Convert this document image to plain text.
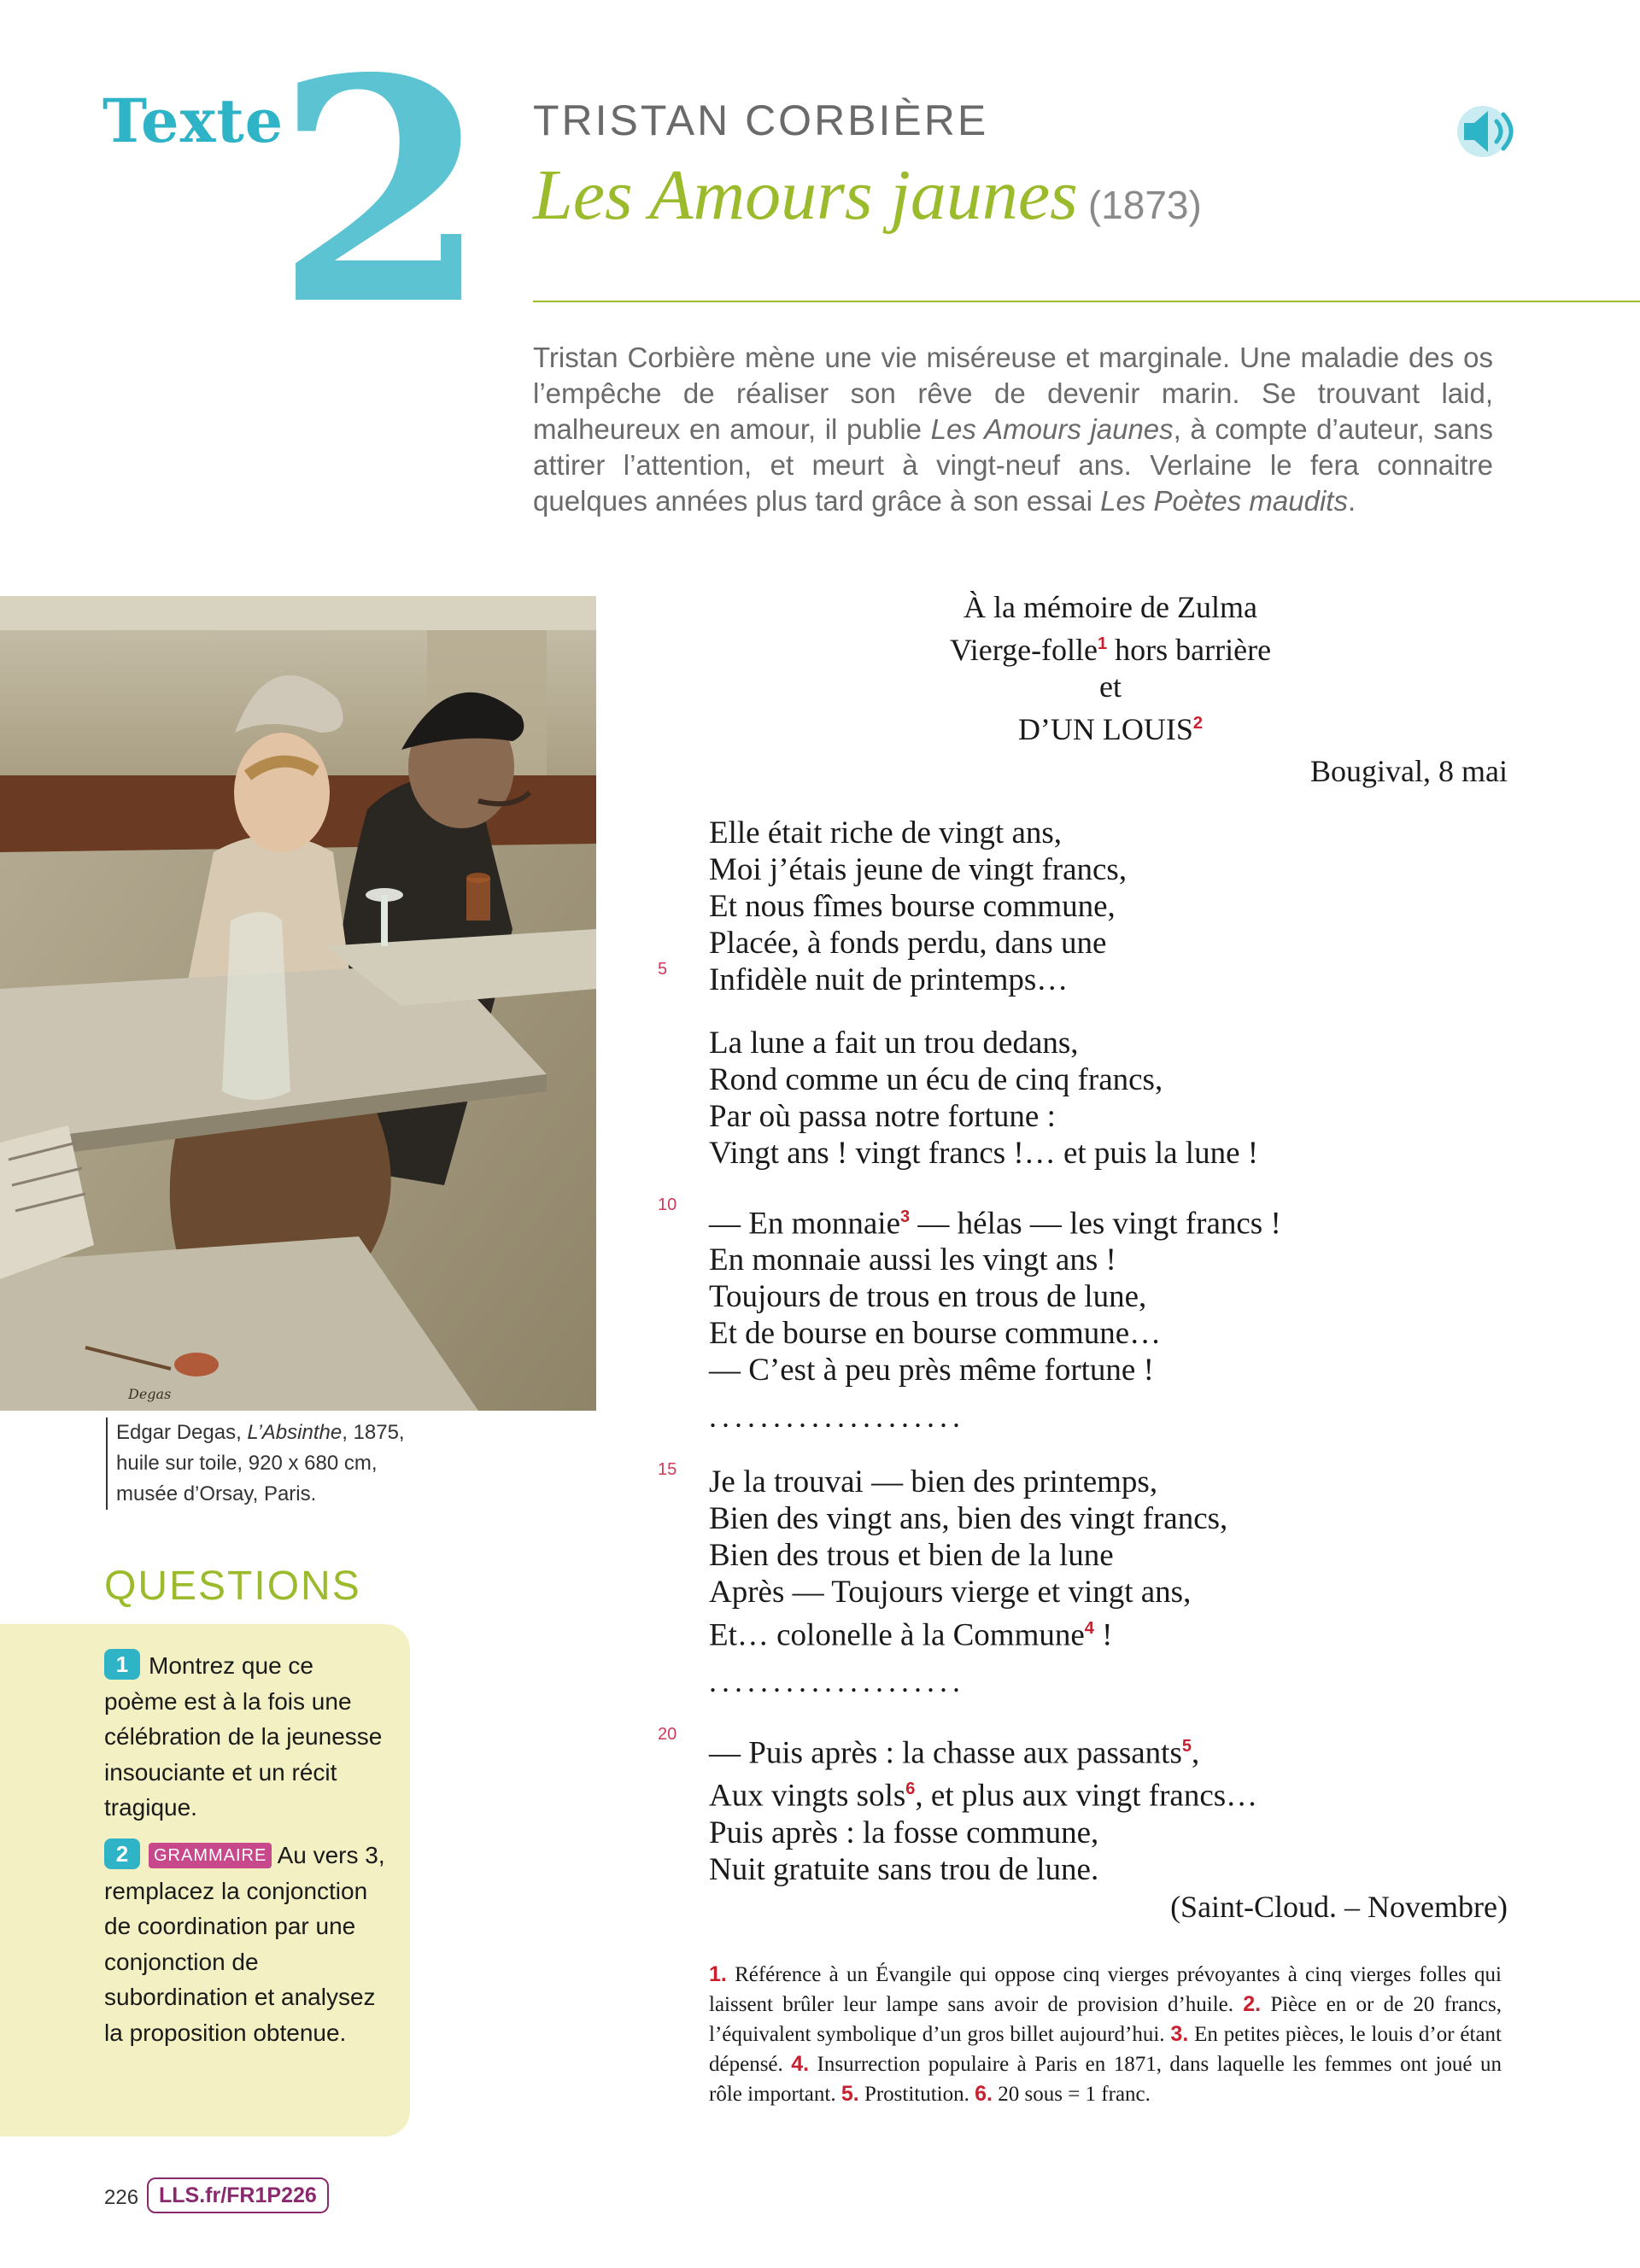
Texte
2 TRISTAN CORBIÈRE
Les Amours jaunes (1873)
Tristan Corbière mène une vie miséreuse et marginale. Une maladie des os l’empêche de réaliser son rêve de devenir marin. Se trouvant laid, malheureux en amour, il publie Les Amours jaunes, à compte d’auteur, sans attirer l’attention, et meurt à vingt-neuf ans. Verlaine le fera connaitre quelques années plus tard grâce à son essai Les Poètes maudits.
Degas
Edgar Degas, L’Absinthe, 1875,
huile sur toile, 920 x 680 cm,
musée d’Orsay, Paris.
QUESTIONS
1 Montrez que ce poème est à la fois une célébration de la jeunesse insouciante et un récit tragique.
2 GRAMMAIRE Au vers 3, remplacez la conjonction de coordination par une conjonction de subordination et analysez la proposition obtenue.
À la mémoire de Zulma
Vierge-folle$^1$ hors barrière
et
D’UN LOUIS$^2$
Bougival, 8 mai
Elle était riche de vingt ans,
Moi j’étais jeune de vingt francs,
Et nous fîmes bourse commune,
Placée, à fonds perdu, dans une
Infidèle nuit de printemps…
5
La lune a fait un trou dedans,
Rond comme un écu de cinq francs,
Par où passa notre fortune :
Vingt ans ! vingt francs !… et puis la lune !
10
— En monnaie$^3$ — hélas — les vingt francs !
En monnaie aussi les vingt ans !
Toujours de trous en trous de lune,
Et de bourse en bourse commune…
— C’est à peu près même fortune !
....................
15	Je la trouvai — bien des printemps,
Bien des vingt ans, bien des vingt francs,
Bien des trous et bien de la lune
Après — Toujours vierge et vingt ans,
Et… colonelle à la Commune$^4$ !
....................
20
— Puis après : la chasse aux passants$^5$,
Aux vingts sols$^6$, et plus aux vingt francs…
Puis après : la fosse commune,
Nuit gratuite sans trou de lune.
(Saint-Cloud. – Novembre)
1. Référence à un Évangile qui oppose cinq vierges prévoyantes à cinq vierges folles qui laissent brûler leur lampe sans avoir de provision d’huile. 2. Pièce en or de 20 francs, l’équivalent symbolique d’un gros billet aujourd’hui. 3. En petites pièces, le louis d’or étant dépensé. 4. Insurrection populaire à Paris en 1871, dans laquelle les femmes ont joué un rôle important. 5. Prostitution. 6. 20 sous = 1 franc.
226 LLS.fr/FR1P226
